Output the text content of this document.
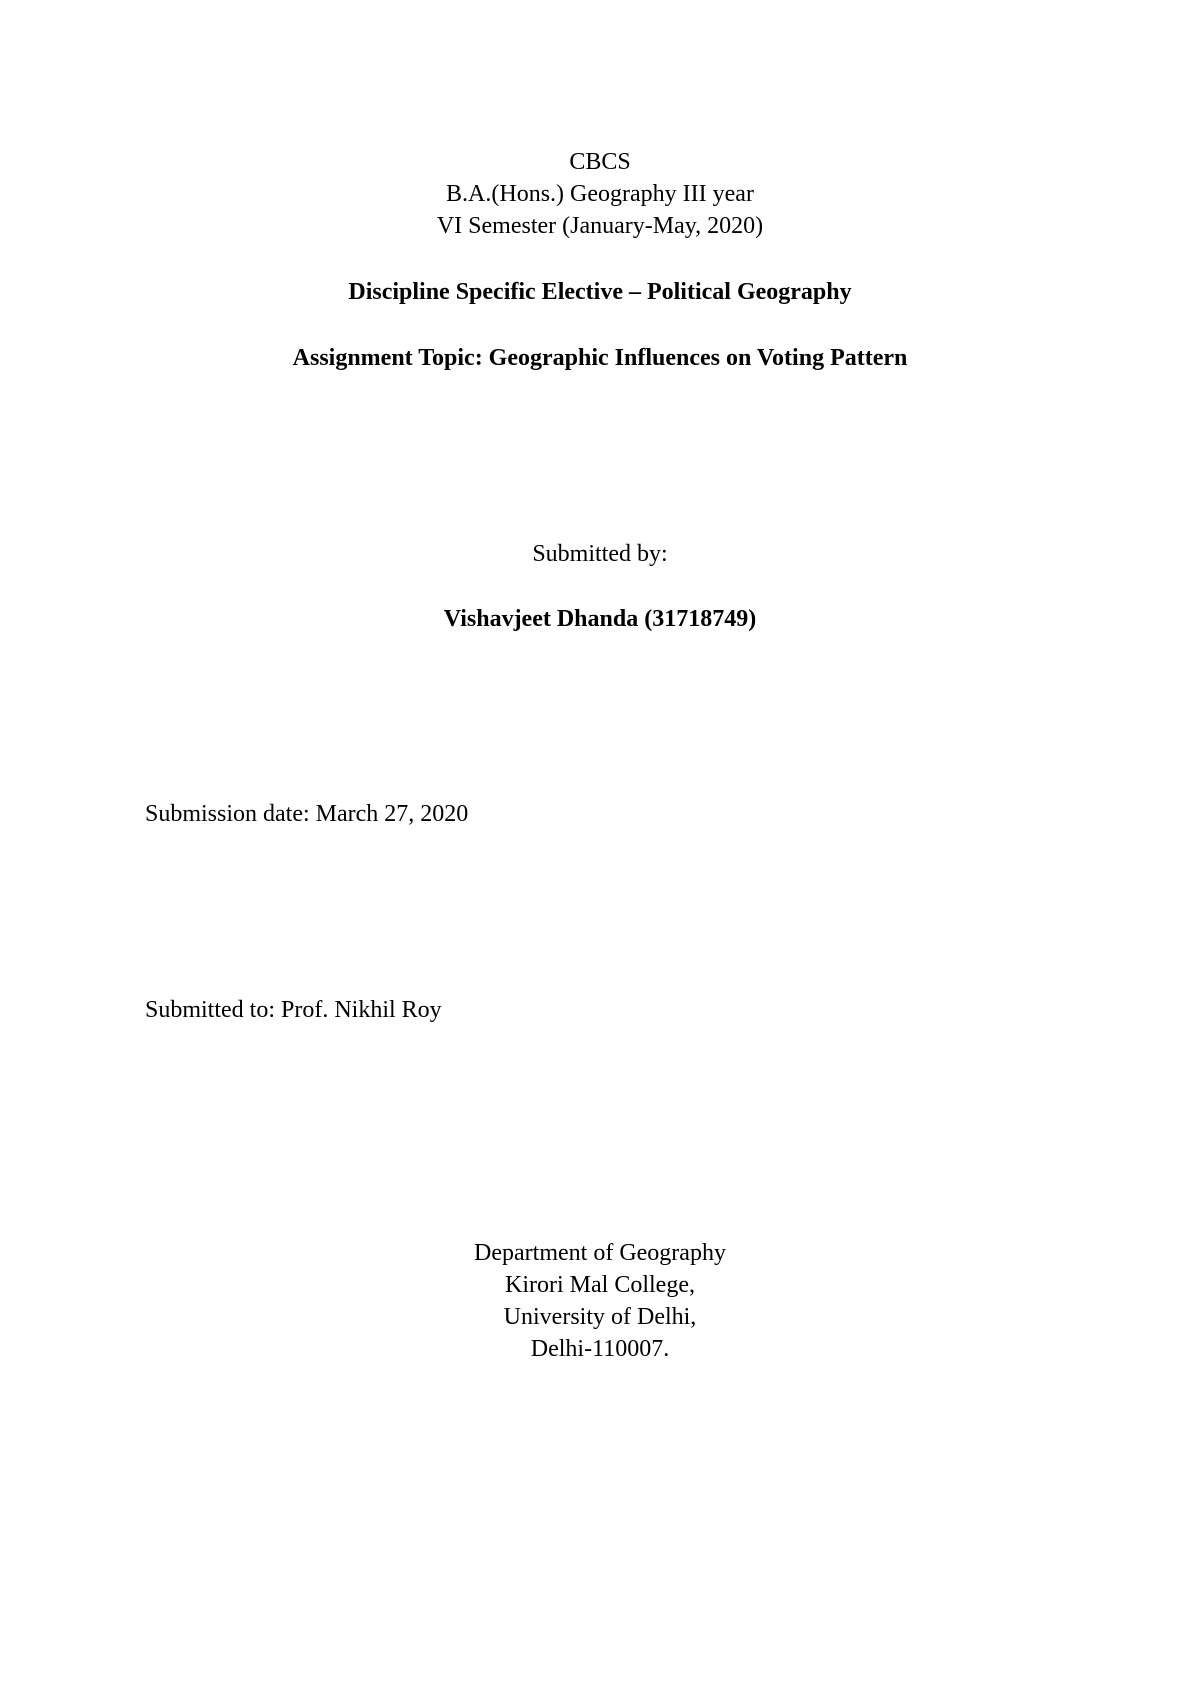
CBCS

B.A.(Hons.) Geography III year

VI Semester (January-May, 2020)

Discipline Specific Elective – Political Geography

Assignment Topic: Geographic Influences on Voting Pattern

Submitted by:

Vishavjeet Dhanda (31718749)

Submission date: March 27, 2020

Submitted to: Prof. Nikhil Roy

Department of Geography

Kirori Mal College,

University of Delhi,

Delhi-110007.
